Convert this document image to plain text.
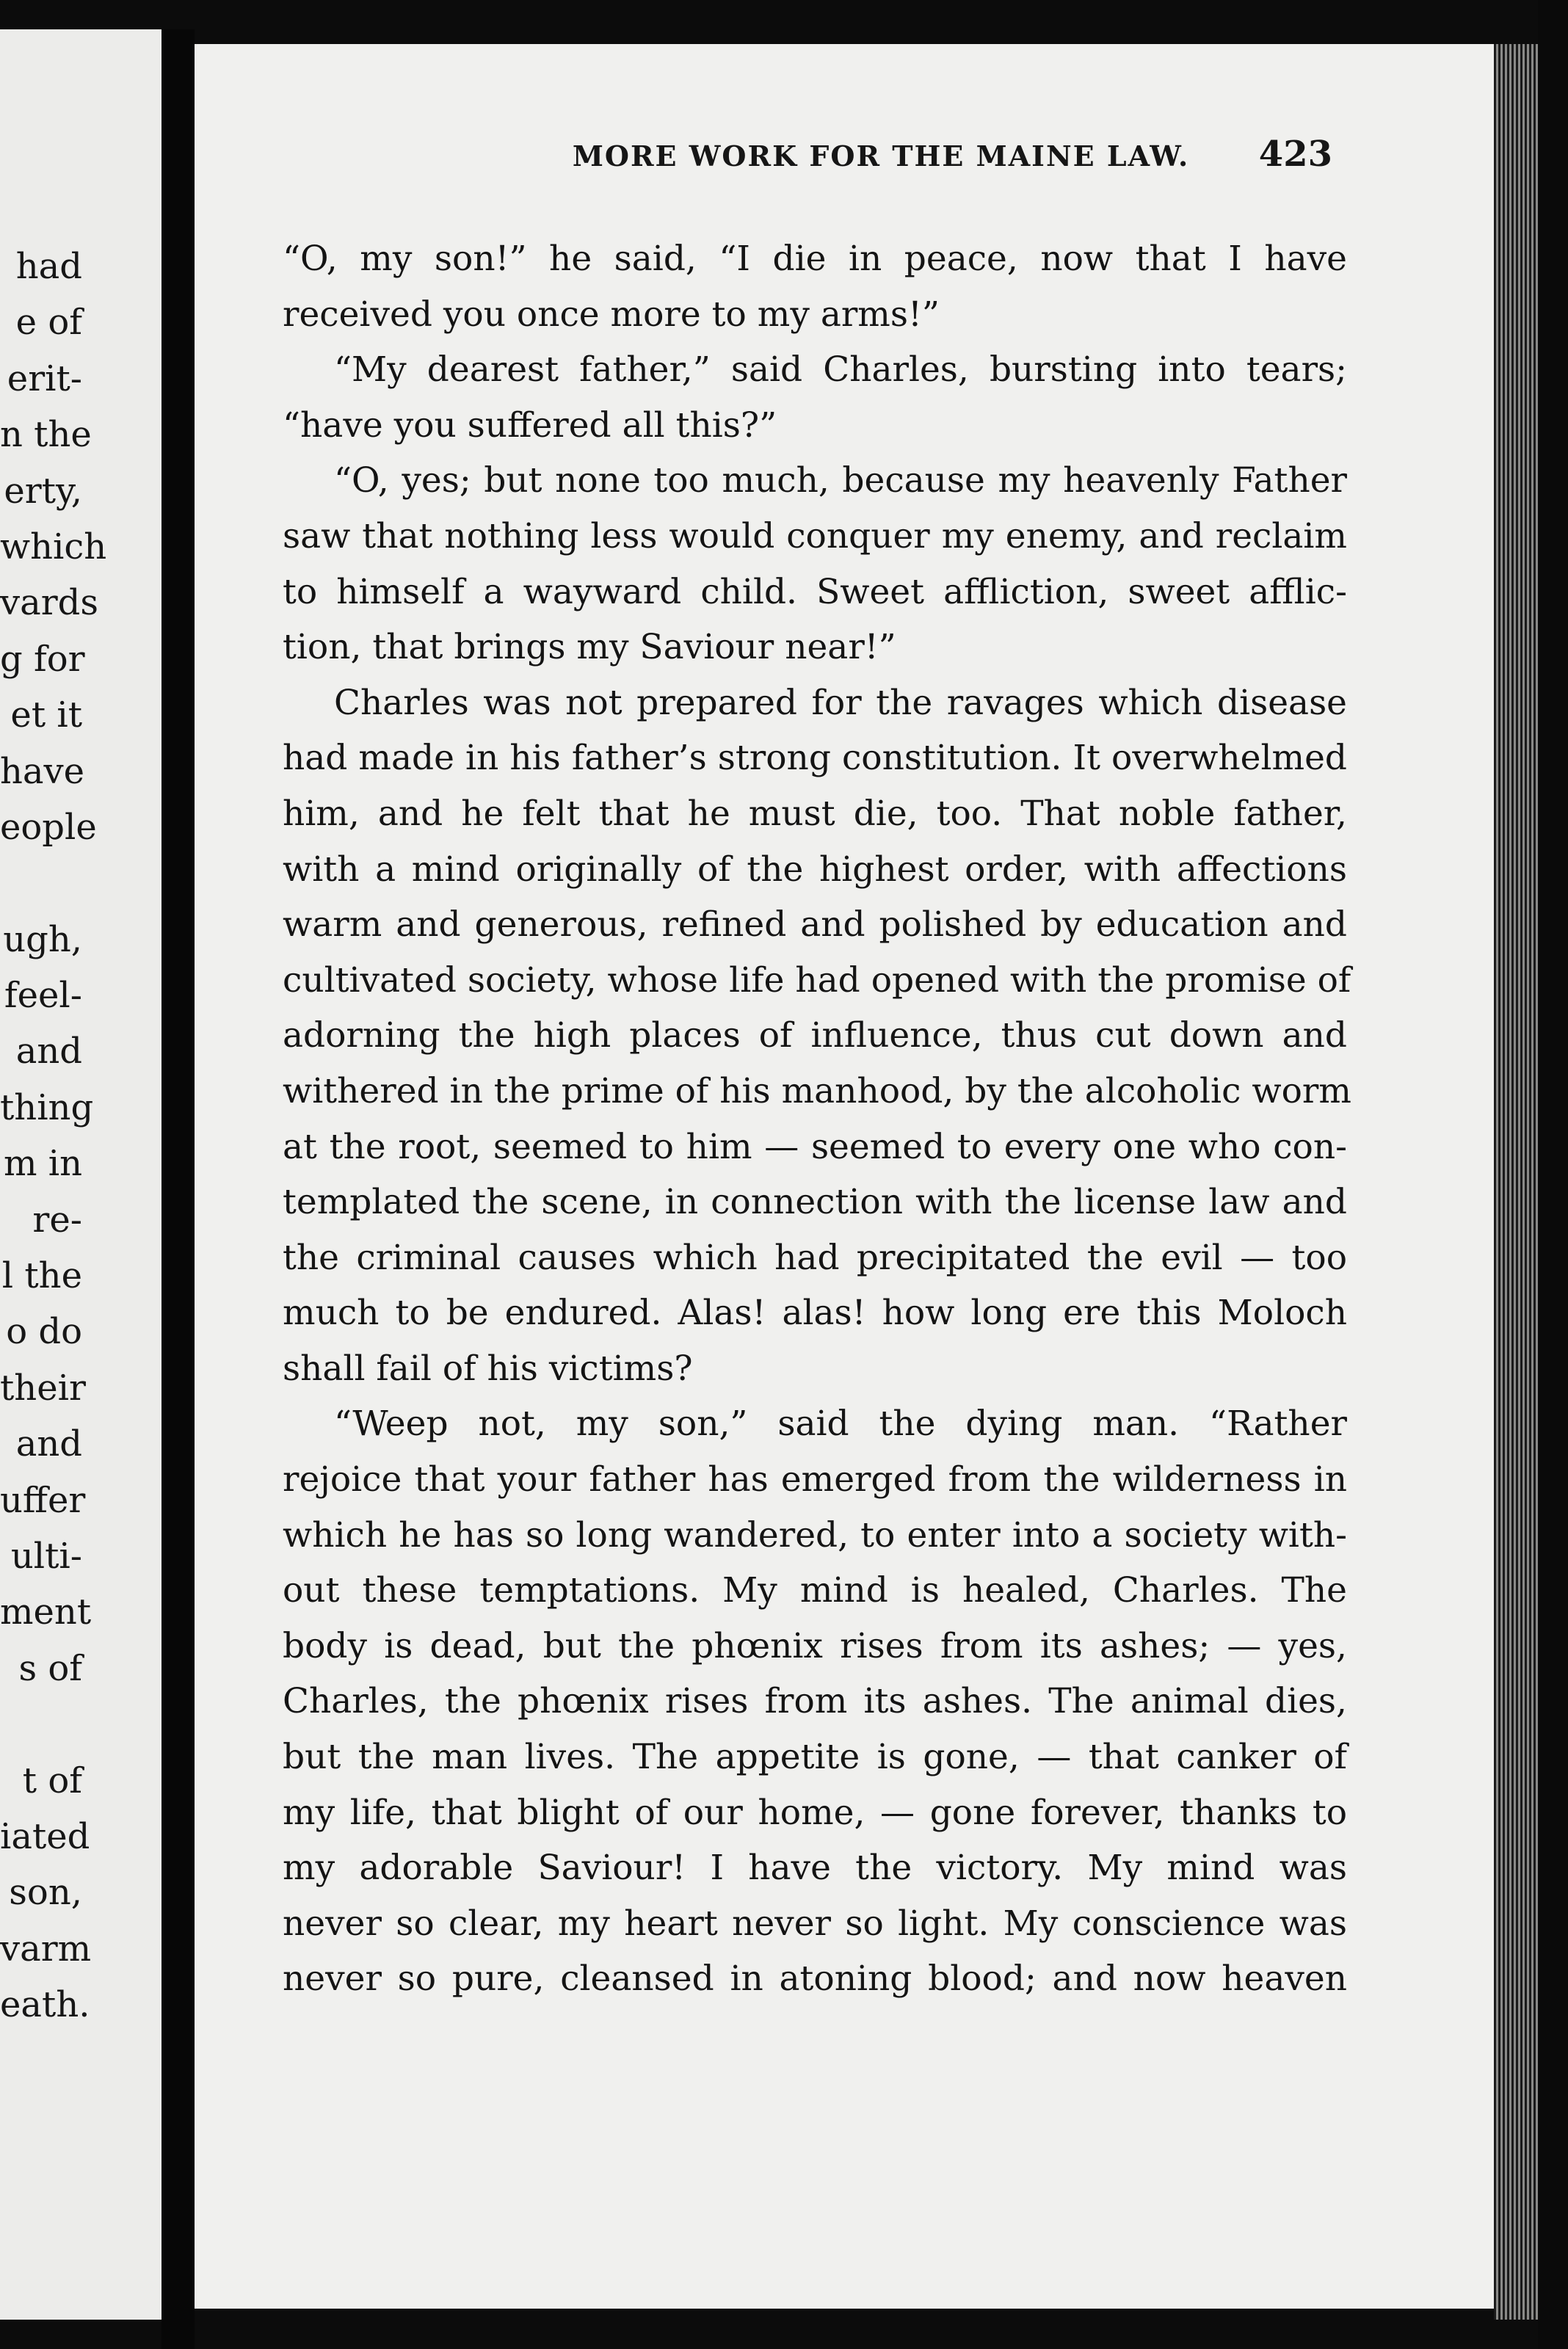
had
e of
erit-
n the
erty,
which
vards
g for
et it
have
eople
ugh,
feel-
and
thing
m in
re-
l the
o do
their
and
uffer
ulti-
ment
s of
t of
iated
son,
varm
eath.
MORE WORK FOR THE MAINE LAW.	423
“O, my son!” he said, “I die in peace, now that I have
received you once more to my arms!”
“My dearest father,” said Charles, bursting into tears;
“have you suffered all this?”
“O, yes; but none too much, because my heavenly Father
saw that nothing less would conquer my enemy, and reclaim
to himself a wayward child. Sweet affliction, sweet afflic-
tion, that brings my Saviour near!”
Charles was not prepared for the ravages which disease
had made in his father’s strong constitution. It overwhelmed
him, and he felt that he must die, too. That noble father,
with a mind originally of the highest order, with affections
warm and generous, refined and polished by education and
cultivated society, whose life had opened with the promise of
adorning the high places of influence, thus cut down and
withered in the prime of his manhood, by the alcoholic worm
at the root, seemed to him — seemed to every one who con-
templated the scene, in connection with the license law and
the criminal causes which had precipitated the evil — too
much to be endured. Alas! alas! how long ere this Moloch
shall fail of his victims?
“Weep not, my son,” said the dying man. “Rather
rejoice that your father has emerged from the wilderness in
which he has so long wandered, to enter into a society with-
out these temptations. My mind is healed, Charles. The
body is dead, but the phœnix rises from its ashes; — yes,
Charles, the phœnix rises from its ashes. The animal dies,
but the man lives. The appetite is gone, — that canker of
my life, that blight of our home, — gone forever, thanks to
my adorable Saviour! I have the victory. My mind was
never so clear, my heart never so light. My conscience was
never so pure, cleansed in atoning blood; and now heaven
